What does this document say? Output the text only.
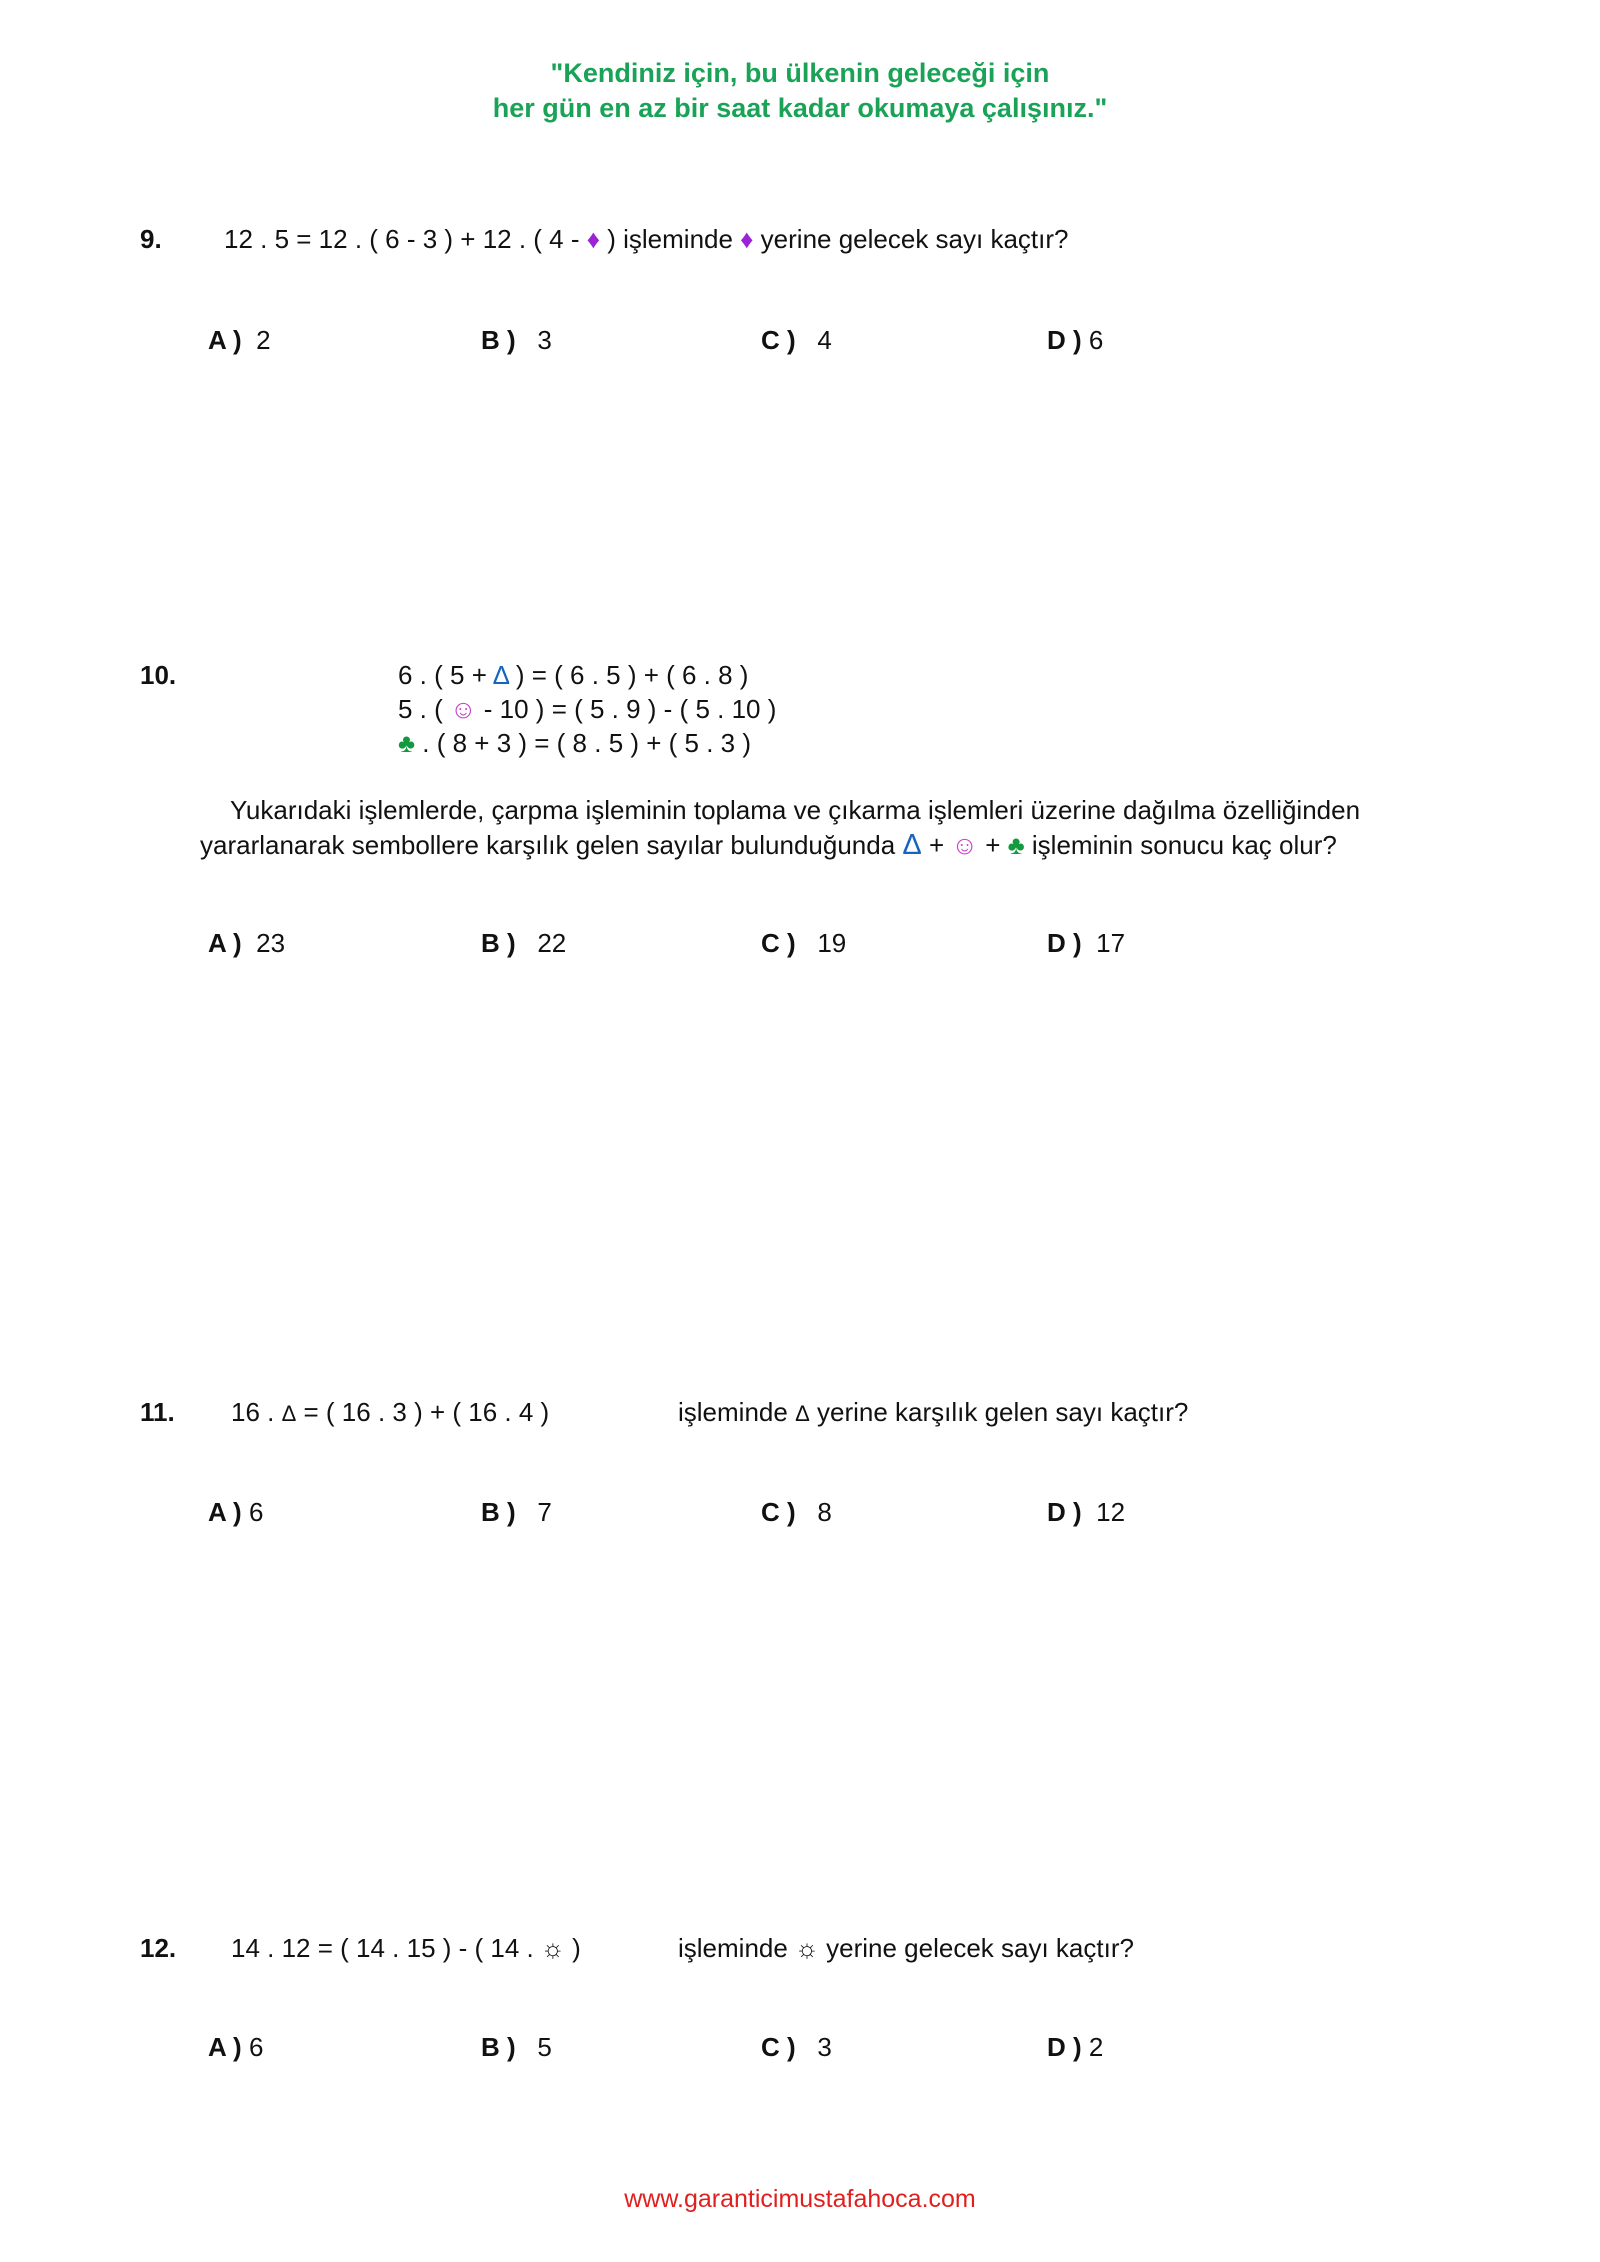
"Kendiniz için, bu ülkenin geleceği için
her gün en az bir saat kadar okumaya çalışınız."
9. 12 . 5 = 12 . ( 6 - 3 ) + 12 . ( 4 - ♦ ) işleminde ♦ yerine gelecek sayı kaçtır?
A ) 2	B ) 3	C ) 4	D ) 6
10.	6 . ( 5 + Δ ) = ( 6 . 5 ) + ( 6 . 8 )
5 . ( ☺ - 10 ) = ( 5 . 9 ) - ( 5 . 10 )
♣ . ( 8 + 3 ) = ( 8 . 5 ) + ( 5 . 3 )
Yukarıdaki işlemlerde, çarpma işleminin toplama ve çıkarma işlemleri üzerine dağılma özelliğinden
yararlanarak sembollere karşılık gelen sayılar bulunduğunda Δ + ☺ + ♣ işleminin sonucu kaç olur?
A ) 23	B ) 22	C ) 19	D ) 17
11. 16 . Δ = ( 16 . 3 ) + ( 16 . 4 )	işleminde Δ yerine karşılık gelen sayı kaçtır?
A ) 6	B ) 7	C ) 8	D ) 12
12. 14 . 12 = ( 14 . 15 ) - ( 14 . ☼ )	işleminde ☼ yerine gelecek sayı kaçtır?
A ) 6	B ) 5	C ) 3	D ) 2
www.garanticimustafahoca.com
